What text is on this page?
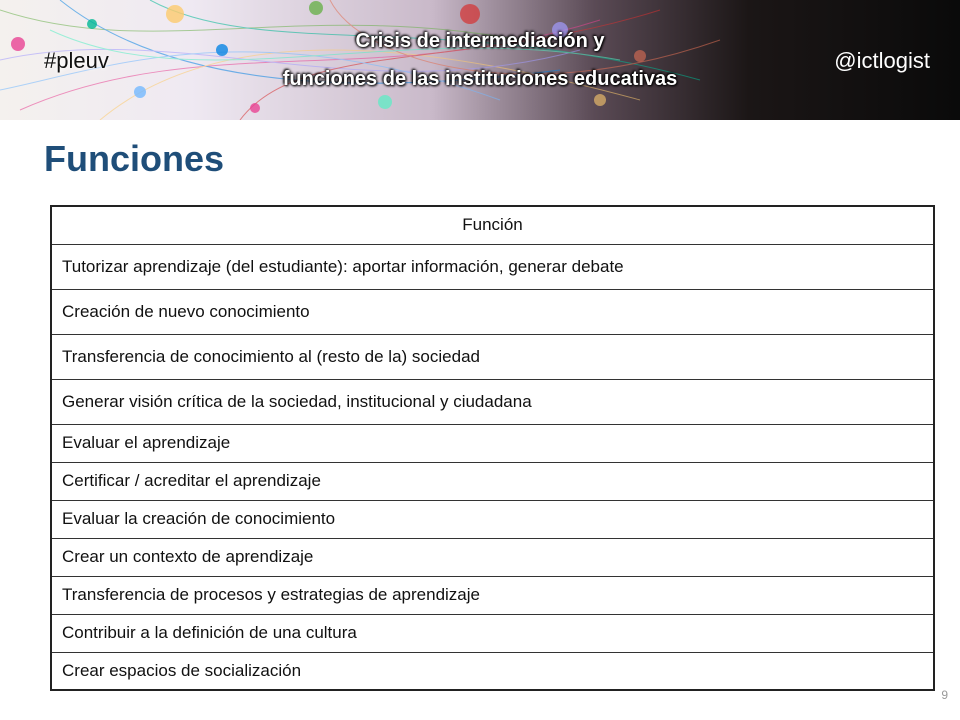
#pleuv
Crisis de intermediación y
funciones de las instituciones educativas
@ictlogist
Funciones
Función
Tutorizar aprendizaje (del estudiante): aportar información, generar debate
Creación de nuevo conocimiento
Transferencia de conocimiento al (resto de la) sociedad
Generar visión crítica de la sociedad, institucional y ciudadana
Evaluar el aprendizaje
Certificar / acreditar el aprendizaje
Evaluar la creación de conocimiento
Crear un contexto de aprendizaje
Transferencia de procesos y estrategias de aprendizaje
Contribuir a la definición de una cultura
Crear espacios de socialización
9
